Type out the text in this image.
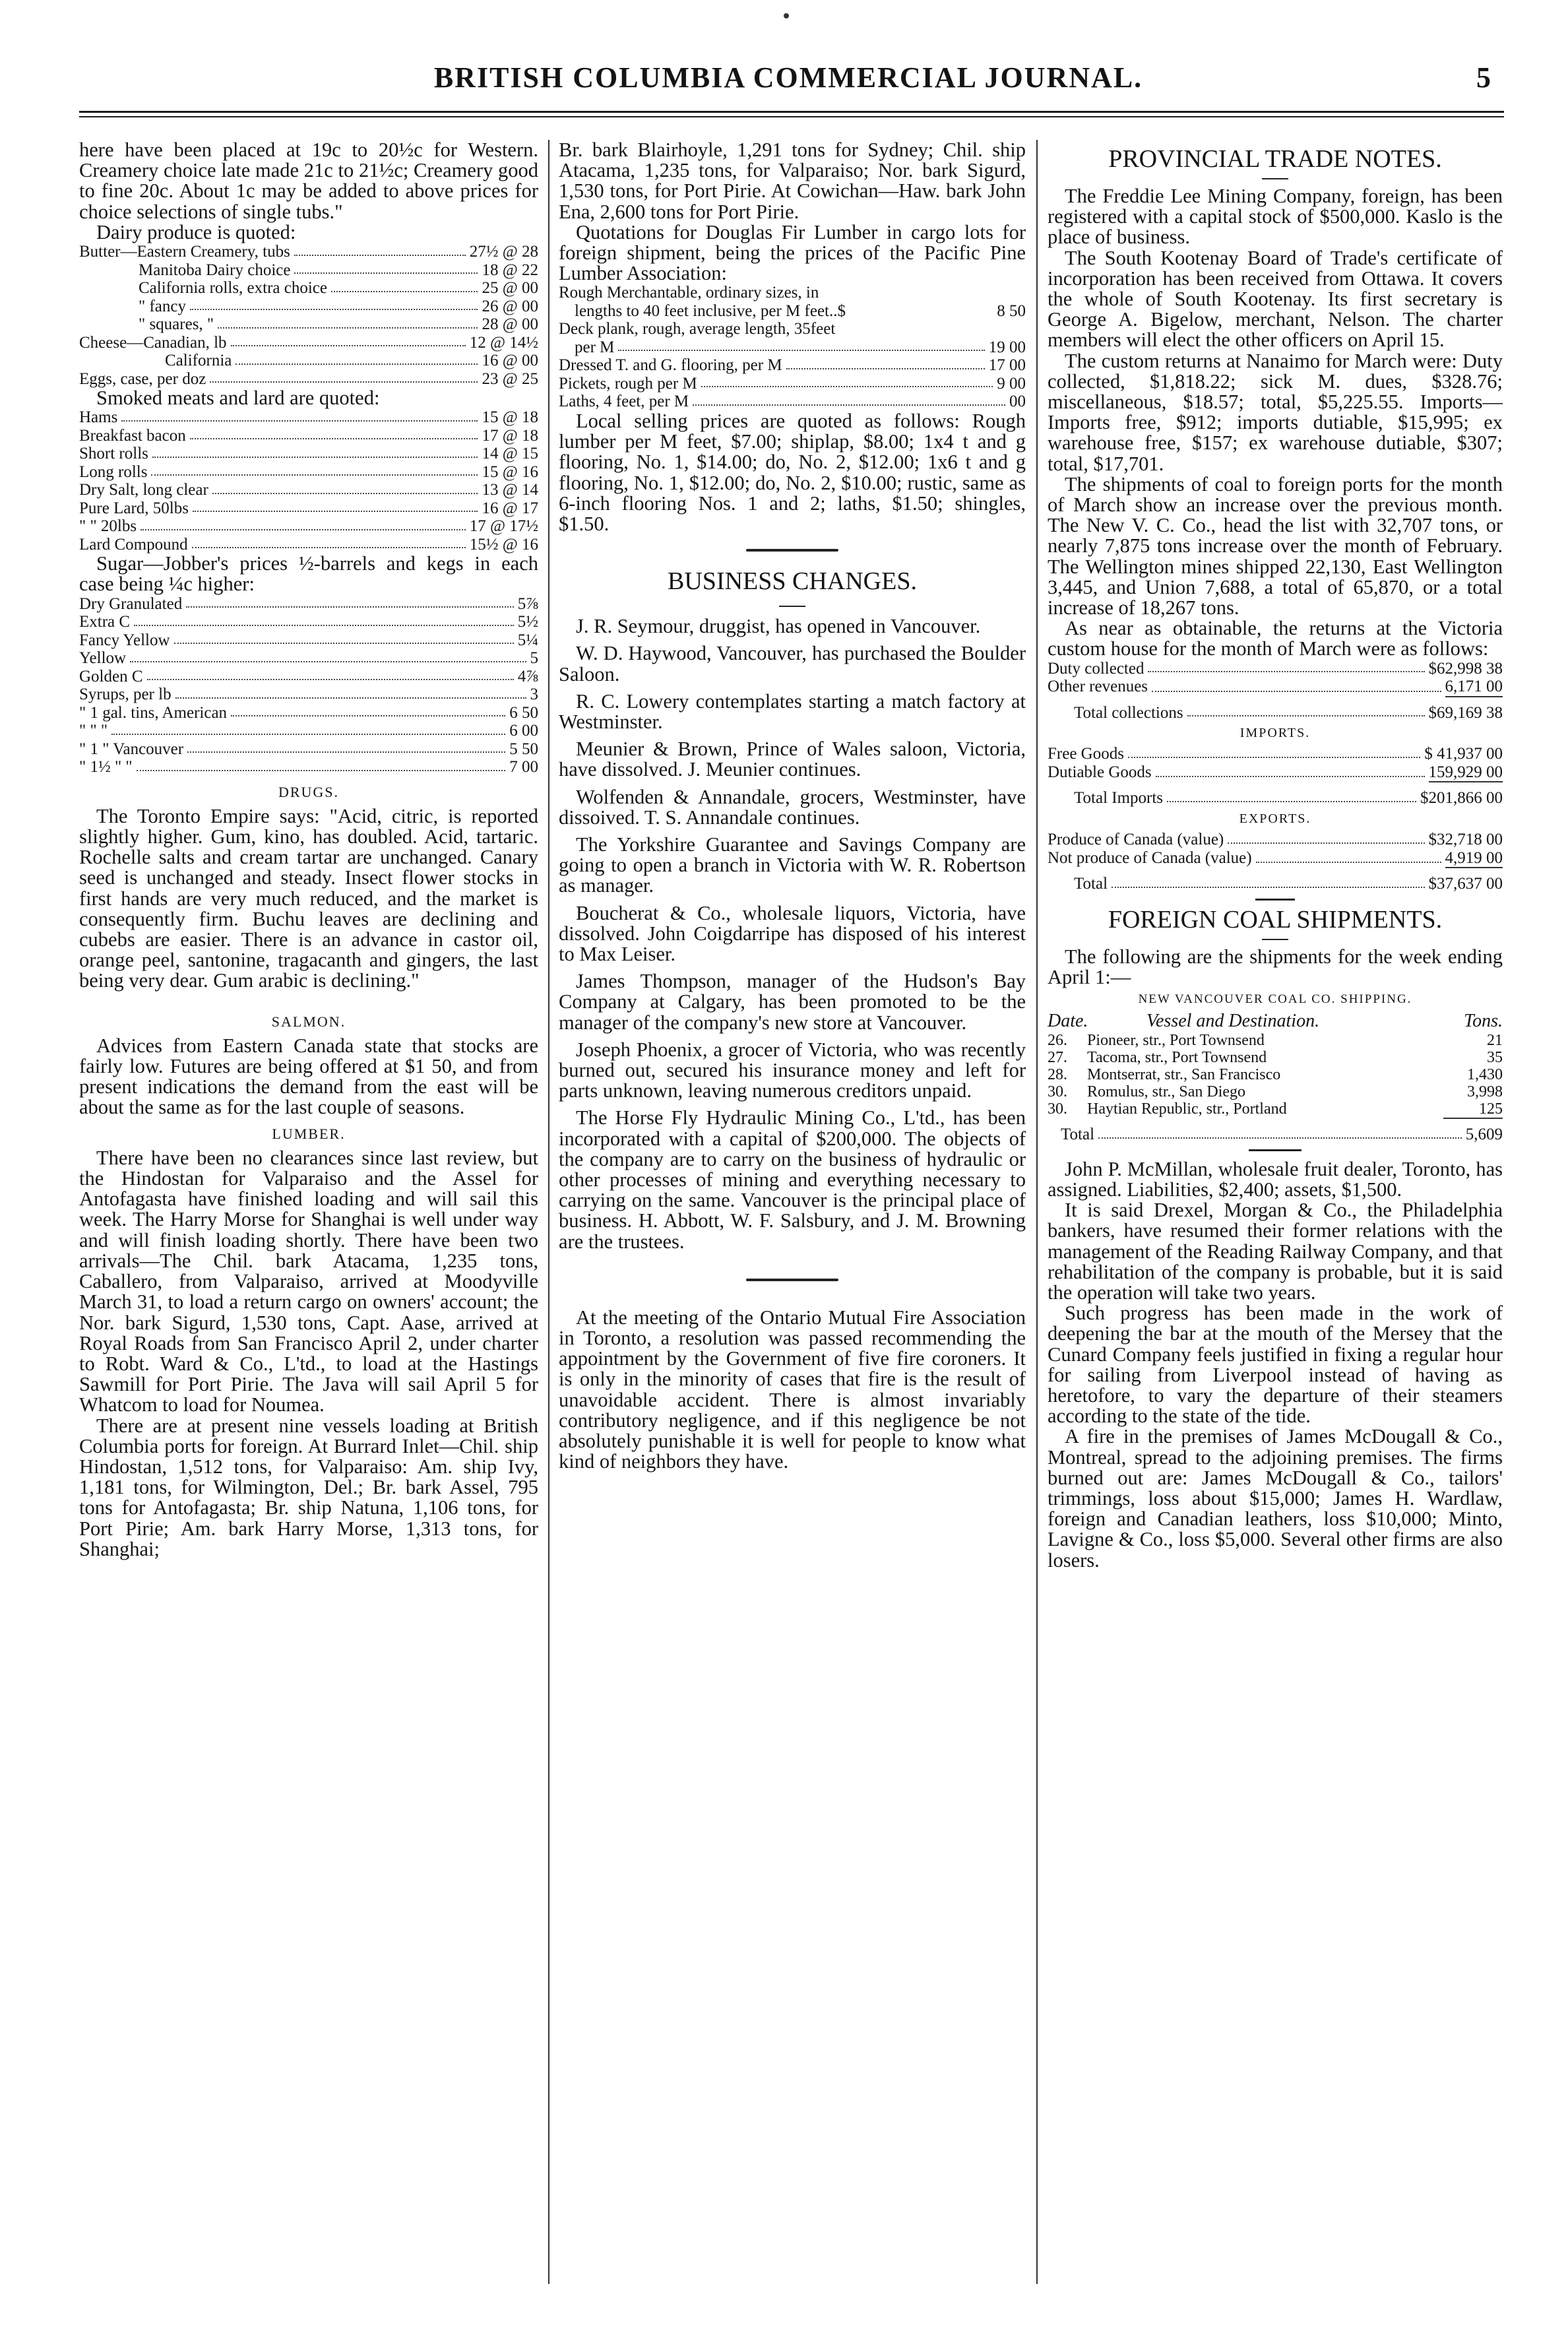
BRITISH COLUMBIA COMMERCIAL JOURNAL.	5

here have been placed at 19c to 20½c for Western. Creamery choice late made 21c to 21½c; Creamery good to fine 20c. About 1c may be added to above prices for choice selections of single tubs."

Dairy produce is quoted:

Butter—Eastern Creamery, tubs	27½ @ 28
Manitoba Dairy choice	18 @ 22
California rolls, extra choice	25 @ 00
" fancy	26 @ 00
" squares, "	28 @ 00
Cheese—Canadian, lb	12 @ 14½
California	16 @ 00
Eggs, case, per doz	23 @ 25

Smoked meats and lard are quoted:

Hams	15 @ 18
Breakfast bacon	17 @ 18
Short rolls	14 @ 15
Long rolls	15 @ 16
Dry Salt, long clear	13 @ 14
Pure Lard, 50lbs	16 @ 17
" " 20lbs	17 @ 17½
Lard Compound	15½ @ 16

Sugar—Jobber's prices ½-barrels and kegs in each case being ¼c higher:

Dry Granulated	5⅞
Extra C	5½
Fancy Yellow	5¼
Yellow	5
Golden C	4⅞
Syrups, per lb	3
" 1 gal. tins, American	6 50
" " "	6 00
" 1 " Vancouver	5 50
" 1½ " "	7 00
DRUGS.

The Toronto Empire says: "Acid, citric, is reported slightly higher. Gum, kino, has doubled. Acid, tartaric. Rochelle salts and cream tartar are unchanged. Canary seed is unchanged and steady. Insect flower stocks in first hands are very much reduced, and the market is consequently firm. Buchu leaves are declining and cubebs are easier. There is an advance in castor oil, orange peel, santonine, tragacanth and gingers, the last being very dear. Gum arabic is declining."

SALMON.

Advices from Eastern Canada state that stocks are fairly low. Futures are being offered at $1 50, and from present indications the demand from the east will be about the same as for the last couple of seasons.

LUMBER.

There have been no clearances since last review, but the Hindostan for Valparaiso and the Assel for Antofagasta have finished loading and will sail this week. The Harry Morse for Shanghai is well under way and will finish loading shortly. There have been two arrivals—The Chil. bark Atacama, 1,235 tons, Caballero, from Valparaiso, arrived at Moodyville March 31, to load a return cargo on owners' account; the Nor. bark Sigurd, 1,530 tons, Capt. Aase, arrived at Royal Roads from San Francisco April 2, under charter to Robt. Ward & Co., L'td., to load at the Hastings Sawmill for Port Pirie. The Java will sail April 5 for Whatcom to load for Noumea.

There are at present nine vessels loading at British Columbia ports for foreign. At Burrard Inlet—Chil. ship Hindostan, 1,512 tons, for Valparaiso: Am. ship Ivy, 1,181 tons, for Wilmington, Del.; Br. bark Assel, 795 tons for Antofagasta; Br. ship Natuna, 1,106 tons, for Port Pirie; Am. bark Harry Morse, 1,313 tons, for Shanghai;

Br. bark Blairhoyle, 1,291 tons for Sydney; Chil. ship Atacama, 1,235 tons, for Valparaiso; Nor. bark Sigurd, 1,530 tons, for Port Pirie. At Cowichan—Haw. bark John Ena, 2,600 tons for Port Pirie.

Quotations for Douglas Fir Lumber in cargo lots for foreign shipment, being the prices of the Pacific Pine Lumber Association:

Rough Merchantable, ordinary sizes, in
lengths to 40 feet inclusive, per M feet..$	8 50
Deck plank, rough, average length, 35feet
per M	19 00
Dressed T. and G. flooring, per M	17 00
Pickets, rough per M	9 00
Laths, 4 feet, per M	00

Local selling prices are quoted as follows: Rough lumber per M feet, $7.00; shiplap, $8.00; 1x4 t and g flooring, No. 1, $14.00; do, No. 2, $12.00; 1x6 t and g flooring, No. 1, $12.00; do, No. 2, $10.00; rustic, same as 6-inch flooring Nos. 1 and 2; laths, $1.50; shingles, $1.50.

BUSINESS CHANGES.

J. R. Seymour, druggist, has opened in Vancouver.

W. D. Haywood, Vancouver, has purchased the Boulder Saloon.

R. C. Lowery contemplates starting a match factory at Westminster.

Meunier & Brown, Prince of Wales saloon, Victoria, have dissolved. J. Meunier continues.

Wolfenden & Annandale, grocers, Westminster, have dissoived. T. S. Annandale continues.

The Yorkshire Guarantee and Savings Company are going to open a branch in Victoria with W. R. Robertson as manager.

Boucherat & Co., wholesale liquors, Victoria, have dissolved. John Coigdarripe has disposed of his interest to Max Leiser.

James Thompson, manager of the Hudson's Bay Company at Calgary, has been promoted to be the manager of the company's new store at Vancouver.

Joseph Phoenix, a grocer of Victoria, who was recently burned out, secured his insurance money and left for parts unknown, leaving numerous creditors unpaid.

The Horse Fly Hydraulic Mining Co., L'td., has been incorporated with a capital of $200,000. The objects of the company are to carry on the business of hydraulic or other processes of mining and everything necessary to carrying on the same. Vancouver is the principal place of business. H. Abbott, W. F. Salsbury, and J. M. Browning are the trustees.

At the meeting of the Ontario Mutual Fire Association in Toronto, a resolution was passed recommending the appointment by the Government of five fire coroners. It is only in the minority of cases that fire is the result of unavoidable accident. There is almost invariably contributory negligence, and if this negligence be not absolutely punishable it is well for people to know what kind of neighbors they have.

PROVINCIAL TRADE NOTES.

The Freddie Lee Mining Company, foreign, has been registered with a capital stock of $500,000. Kaslo is the place of business.

The South Kootenay Board of Trade's certificate of incorporation has been received from Ottawa. It covers the whole of South Kootenay. Its first secretary is George A. Bigelow, merchant, Nelson. The charter members will elect the other officers on April 15.

The custom returns at Nanaimo for March were: Duty collected, $1,818.22; sick M. dues, $328.76; miscellaneous, $18.57; total, $5,225.55. Imports—Imports free, $912; imports dutiable, $15,995; ex warehouse free, $157; ex warehouse dutiable, $307; total, $17,701.

The shipments of coal to foreign ports for the month of March show an increase over the previous month. The New V. C. Co., head the list with 32,707 tons, or nearly 7,875 tons increase over the month of February. The Wellington mines shipped 22,130, East Wellington 3,445, and Union 7,688, a total of 65,870, or a total increase of 18,267 tons.

As near as obtainable, the returns at the Victoria custom house for the month of March were as follows:

Duty collected	$62,998 38
Other revenues	6,171 00
Total collections	$69,169 38
IMPORTS.
Free Goods	$ 41,937 00
Dutiable Goods	159,929 00
Total Imports	$201,866 00
EXPORTS.
Produce of Canada (value)	$32,718 00
Not produce of Canada (value)	4,919 00
Total	$37,637 00
FOREIGN COAL SHIPMENTS.

The following are the shipments for the week ending April 1:—

NEW VANCOUVER COAL CO. SHIPPING.
Date.	Vessel and Destination.	Tons.
26.	Pioneer, str., Port Townsend	21
27.	Tacoma, str., Port Townsend	35
28.	Montserrat, str., San Francisco	1,430
30.	Romulus, str., San Diego	3,998
30.	Haytian Republic, str., Portland	125
Total	5,609

John P. McMillan, wholesale fruit dealer, Toronto, has assigned. Liabilities, $2,400; assets, $1,500.

It is said Drexel, Morgan & Co., the Philadelphia bankers, have resumed their former relations with the management of the Reading Railway Company, and that rehabilitation of the company is probable, but it is said the operation will take two years.

Such progress has been made in the work of deepening the bar at the mouth of the Mersey that the Cunard Company feels justified in fixing a regular hour for sailing from Liverpool instead of having as heretofore, to vary the departure of their steamers according to the state of the tide.

A fire in the premises of James McDougall & Co., Montreal, spread to the adjoining premises. The firms burned out are: James McDougall & Co., tailors' trimmings, loss about $15,000; James H. Wardlaw, foreign and Canadian leathers, loss $10,000; Minto, Lavigne & Co., loss $5,000. Several other firms are also losers.
